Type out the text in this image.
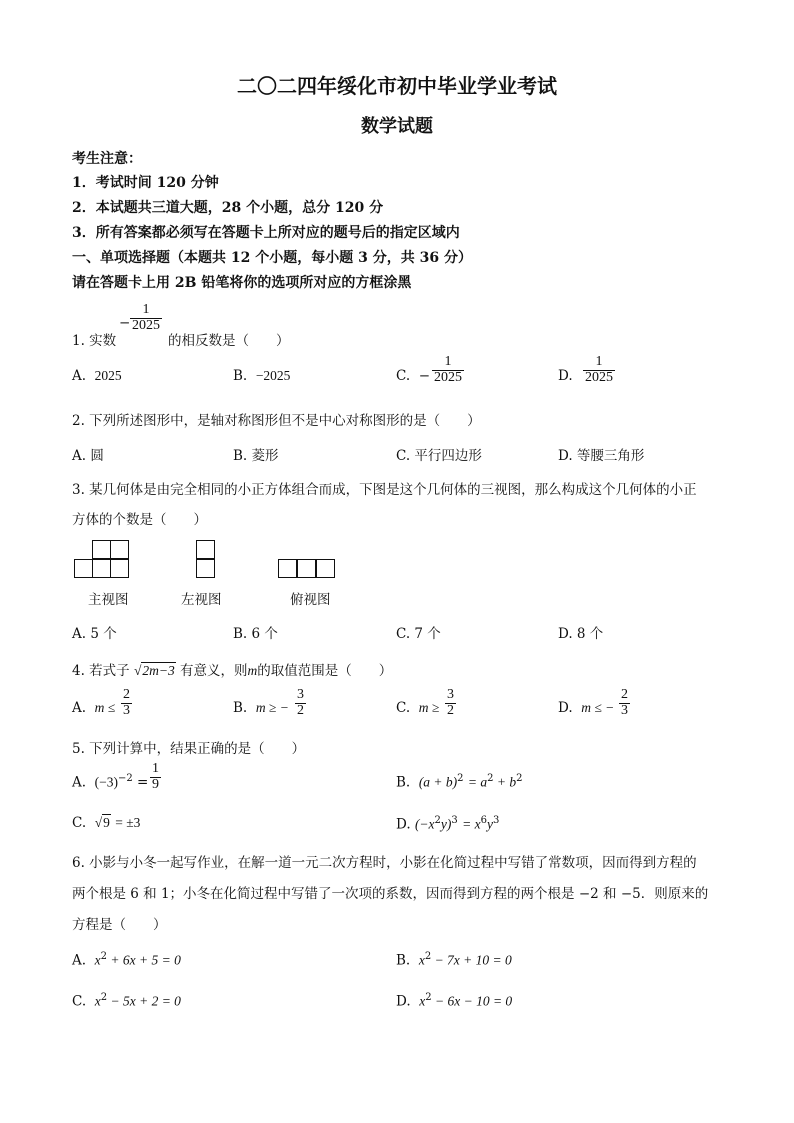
二〇二四年绥化市初中毕业学业考试
数学试题
考生注意：
1．考试时间 120 分钟
2．本试题共三道大题，28 个小题，总分 120 分
3．所有答案都必须写在答题卡上所对应的题号后的指定区域内
一、单项选择题（本题共 12 个小题，每小题 3 分，共 36 分）
请在答题卡上用 2B 铅笔将你的选项所对应的方框涂黑
1. 实数
− $\frac{1}{2025}$
的相反数是（　　）
A. 2025	B. −2025	C. − $\frac{1}{2025}$	D. $\frac{1}{2025}$
2. 下列所述图形中，是轴对称图形但不是中心对称图形的是（　　）
A. 圆	B. 菱形	C. 平行四边形	D. 等腰三角形
3. 某几何体是由完全相同的小正方体组合而成，下图是这个几何体的三视图，那么构成这个几何体的小正
方体的个数是（　　）
主视图	左视图	俯视图
A. 5 个	B. 6 个	C. 7 个	D. 8 个
4. 若式子 √2m−3 有意义，则m的取值范围是（　　）
A. $m \le \frac{2}{3}$	B. m ≥ − $\frac{3}{2}$	C. $m \ge \frac{3}{2}$	D. m ≤ − $\frac{2}{3}$
5. 下列计算中，结果正确的是（　　）
A. $(-3)^{-2} = \frac{1}{9}$	B. $(a + b)^2 = a^2 + b^2$
C. √9 = ±3	D. $(-x^2y)^3 = x^6y^3$
6. 小影与小冬一起写作业，在解一道一元二次方程时，小影在化简过程中写错了常数项，因而得到方程的
两个根是 6 和 1；小冬在化简过程中写错了一次项的系数，因而得到方程的两个根是 −2 和 −5．则原来的
方程是（　　）
A. $x^2 + 6x + 5 = 0$	B. $x^2 - 7x + 10 = 0$
C. $x^2 - 5x + 2 = 0$	D. $x^2 - 6x - 10 = 0$
